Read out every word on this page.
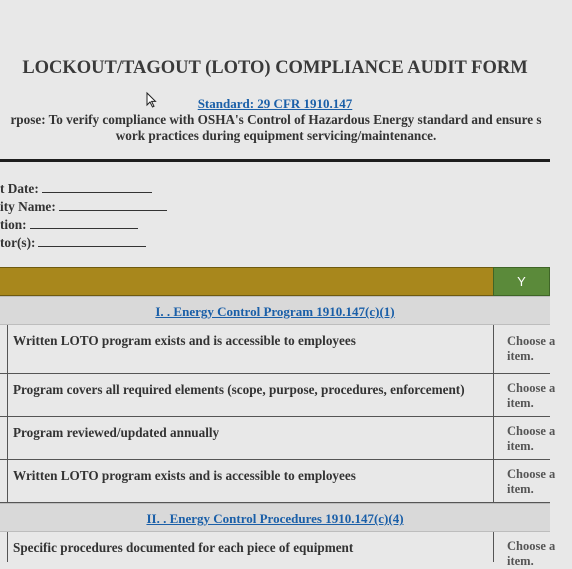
LOCKOUT/TAGOUT (LOTO) COMPLIANCE AUDIT FORM
Standard: 29 CFR 1910.147
rpose: To verify compliance with OSHA's Control of Hazardous Energy standard and ensure s
work practices during equipment servicing/maintenance.
t Date:
ity Name:
tion:
tor(s):
Y
I. . Energy Control Program 1910.147(c)(1)
Written LOTO program exists and is accessible to employees	Choose a
item.
Program covers all required elements (scope, purpose, procedures, enforcement)	Choose a
item.
Program reviewed/updated annually	Choose a
item.
Written LOTO program exists and is accessible to employees	Choose a
item.
II. . Energy Control Procedures 1910.147(c)(4)
Specific procedures documented for each piece of equipment	Choose a
item.
